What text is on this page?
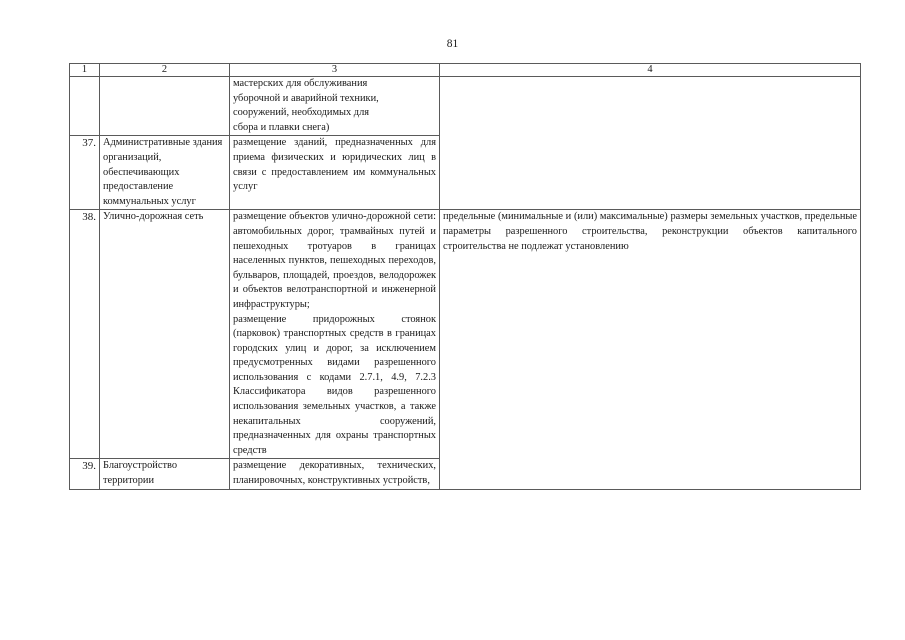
81
1	2	3	4

		мастерских для обслуживания
уборочной и аварийной техники,
сооружений, необходимых для
сбора и плавки снега)	

37.	Административные здания организаций, обеспечивающих предоставление коммунальных услуг	размещение зданий, предназначенных для приема физических и юридических лиц в связи с предоставлением им коммунальных услуг	
38.	Улично-дорожная сеть	размещение объектов улично-дорожной сети: автомобильных дорог, трамвайных путей и пешеходных тротуаров в границах населенных пунктов, пешеходных переходов, бульваров, площадей, проездов, велодорожек и объектов велотранспортной и инженерной инфраструктуры;
размещение придорожных стоянок (парковок) транспортных средств в границах городских улиц и дорог, за исключением предусмотренных видами разрешенного использования с кодами 2.7.1, 4.9, 7.2.3 Классификатора видов разрешенного использования земельных участков, а также некапитальных сооружений, предназначенных для охраны транспортных средств	предельные (минимальные и (или) максимальные) размеры земельных участков, предельные параметры разрешенного строительства, реконструкции объектов капитального строительства не подлежат установлению
39.	Благоустройство территории	размещение декоративных, технических, планировочных, конструктивных устройств,	
